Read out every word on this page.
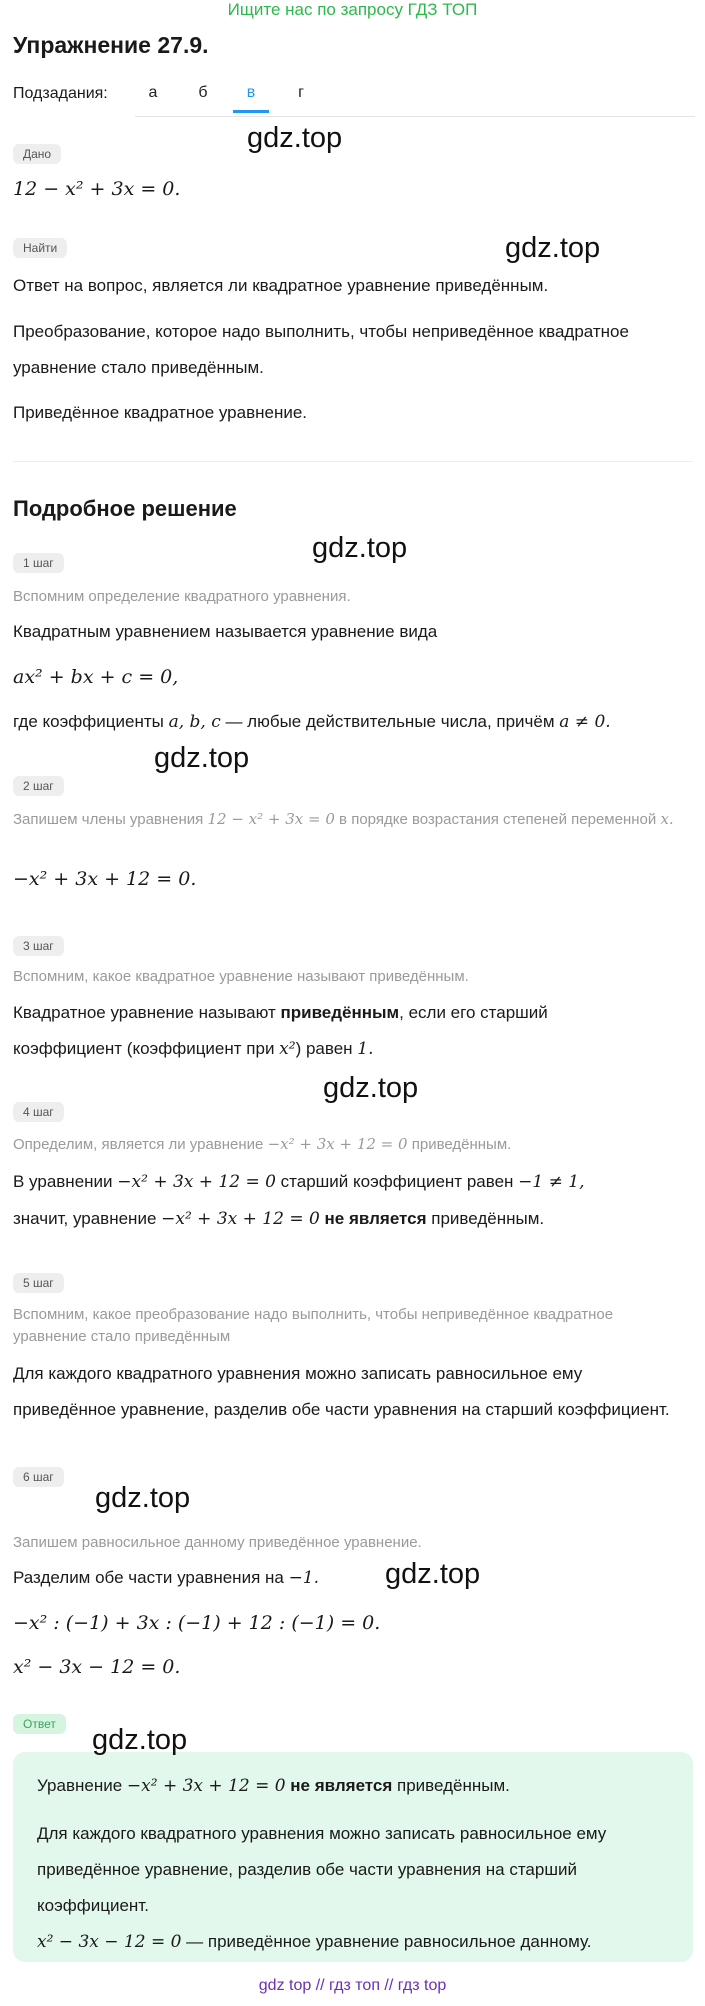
Ищите нас по запросу ГДЗ ТОП
Упражнение 27.9.
Подзадания:	а	б	в	г
Дано
12 − x² + 3x = 0.
Найти
Ответ на вопрос, является ли квадратное уравнение приведённым.
Преобразование, которое надо выполнить, чтобы неприведённое квадратное уравнение стало приведённым.
Приведённое квадратное уравнение.
Подробное решение
1 шаг
Вспомним определение квадратного уравнения.
Квадратным уравнением называется уравнение вида
ax² + bx + c = 0,
где коэффициенты a, b, c — любые действительные числа, причём a ≠ 0.
2 шаг
Запишем члены уравнения 12 − x² + 3x = 0 в порядке возрастания степеней переменной x.
−x² + 3x + 12 = 0.
3 шаг
Вспомним, какое квадратное уравнение называют приведённым.
Квадратное уравнение называют приведённым, если его старший
коэффициент (коэффициент при x²) равен 1.
4 шаг
Определим, является ли уравнение −x² + 3x + 12 = 0 приведённым.
В уравнении −x² + 3x + 12 = 0 старший коэффициент равен −1 ≠ 1,
значит, уравнение −x² + 3x + 12 = 0 не является приведённым.
5 шаг
Вспомним, какое преобразование надо выполнить, чтобы неприведённое квадратное уравнение стало приведённым
Для каждого квадратного уравнения можно записать равносильное ему приведённое уравнение, разделив обе части уравнения на старший коэффициент.
6 шаг
Запишем равносильное данному приведённое уравнение.
Разделим обе части уравнения на −1.
−x² : (−1) + 3x : (−1) + 12 : (−1) = 0.
x² − 3x − 12 = 0.
Ответ
Уравнение −x² + 3x + 12 = 0 не является приведённым.
Для каждого квадратного уравнения можно записать равносильное ему приведённое уравнение, разделив обе части уравнения на старший коэффициент.
x² − 3x − 12 = 0 — приведённое уравнение равносильное данному.
gdz.top
gdz.top
gdz.top
gdz.top
gdz.top
gdz.top
gdz.top
gdz.top
gdz top // гдз топ // гдз top
